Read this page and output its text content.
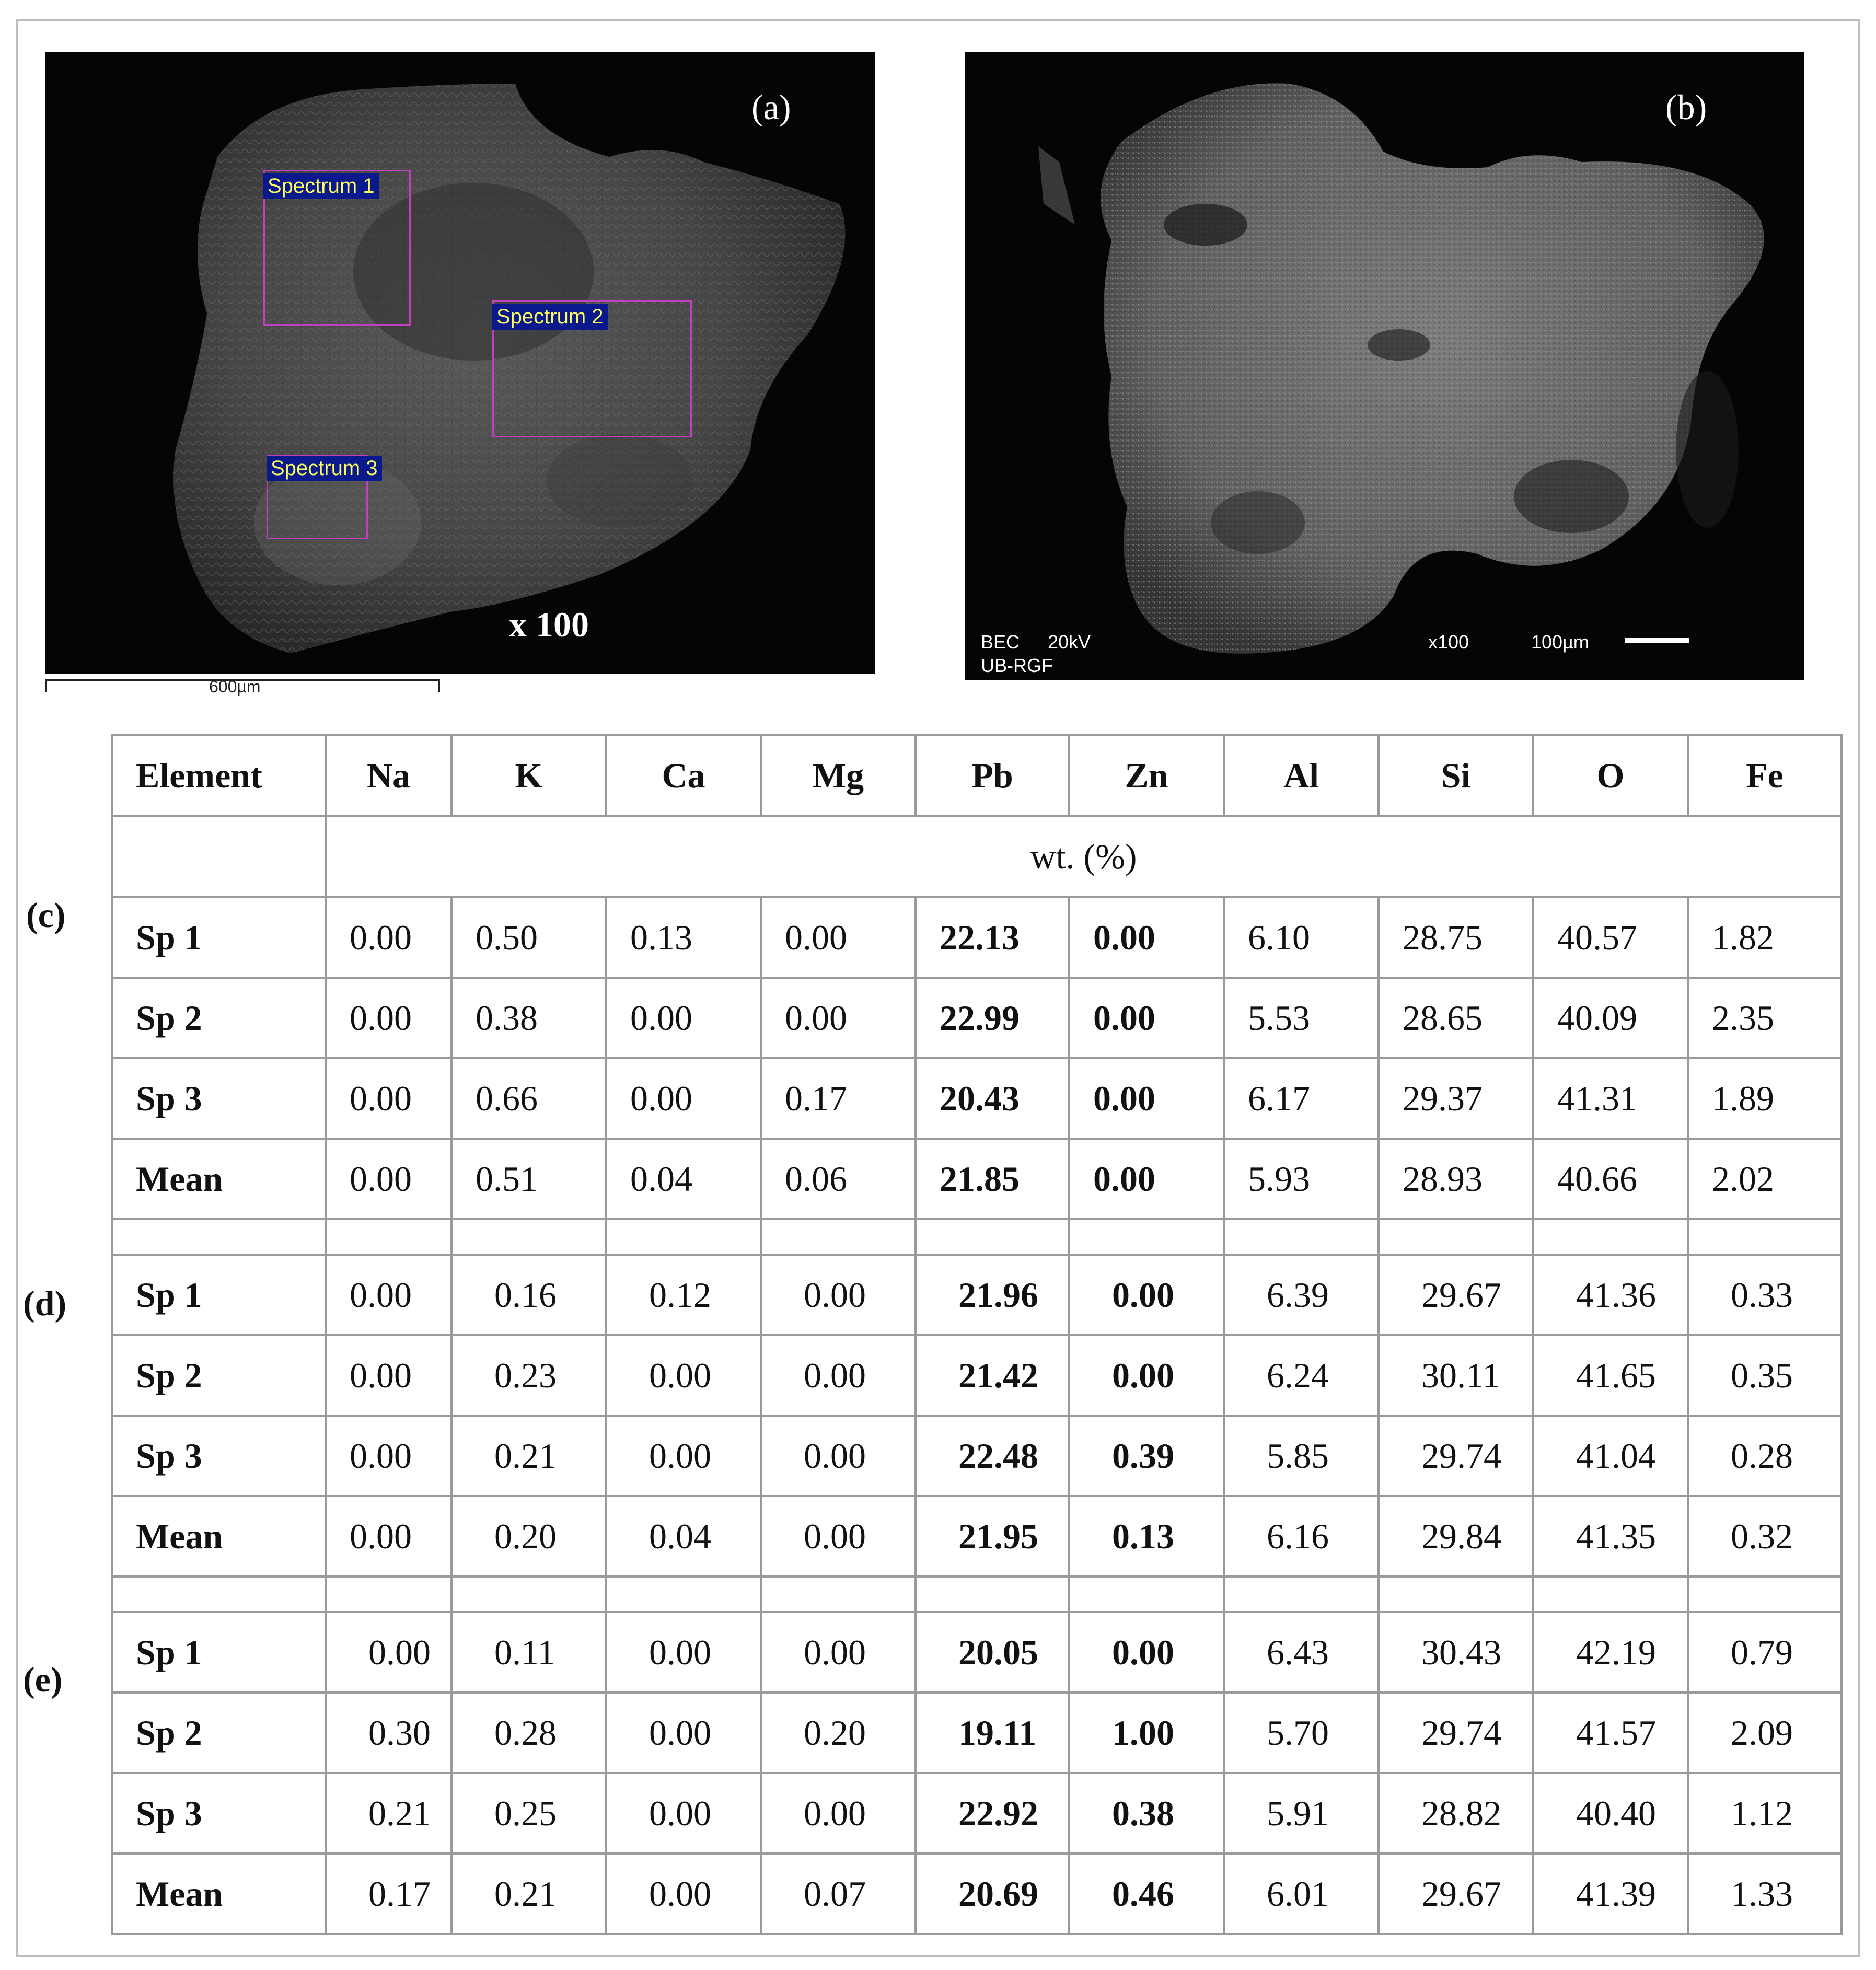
(a)
x 100
Spectrum 1
Spectrum 2
Spectrum 3
600µm
(b)
BEC 20kV
UB-RGF
x100	100µm
Element	Na	K	Ca	Mg	Pb	Zn	Al	Si	O	Fe
	wt. (%)									
Sp 1	0.00	0.50	0.13	0.00	22.13	0.00	6.10	28.75	40.57	1.82
Sp 2	0.00	0.38	0.00	0.00	22.99	0.00	5.53	28.65	40.09	2.35
Sp 3	0.00	0.66	0.00	0.17	20.43	0.00	6.17	29.37	41.31	1.89
Mean	0.00	0.51	0.04	0.06	21.85	0.00	5.93	28.93	40.66	2.02

Sp 1	0.00	0.16	0.12	0.00	21.96	0.00	6.39	29.67	41.36	0.33
Sp 2	0.00	0.23	0.00	0.00	21.42	0.00	6.24	30.11	41.65	0.35
Sp 3	0.00	0.21	0.00	0.00	22.48	0.39	5.85	29.74	41.04	0.28
Mean	0.00	0.20	0.04	0.00	21.95	0.13	6.16	29.84	41.35	0.32

Sp 1	0.00	0.11	0.00	0.00	20.05	0.00	6.43	30.43	42.19	0.79
Sp 2	0.30	0.28	0.00	0.20	19.11	1.00	5.70	29.74	41.57	2.09
Sp 3	0.21	0.25	0.00	0.00	22.92	0.38	5.91	28.82	40.40	1.12
Mean	0.17	0.21	0.00	0.07	20.69	0.46	6.01	29.67	41.39	1.33
(c)
(d)
(e)
